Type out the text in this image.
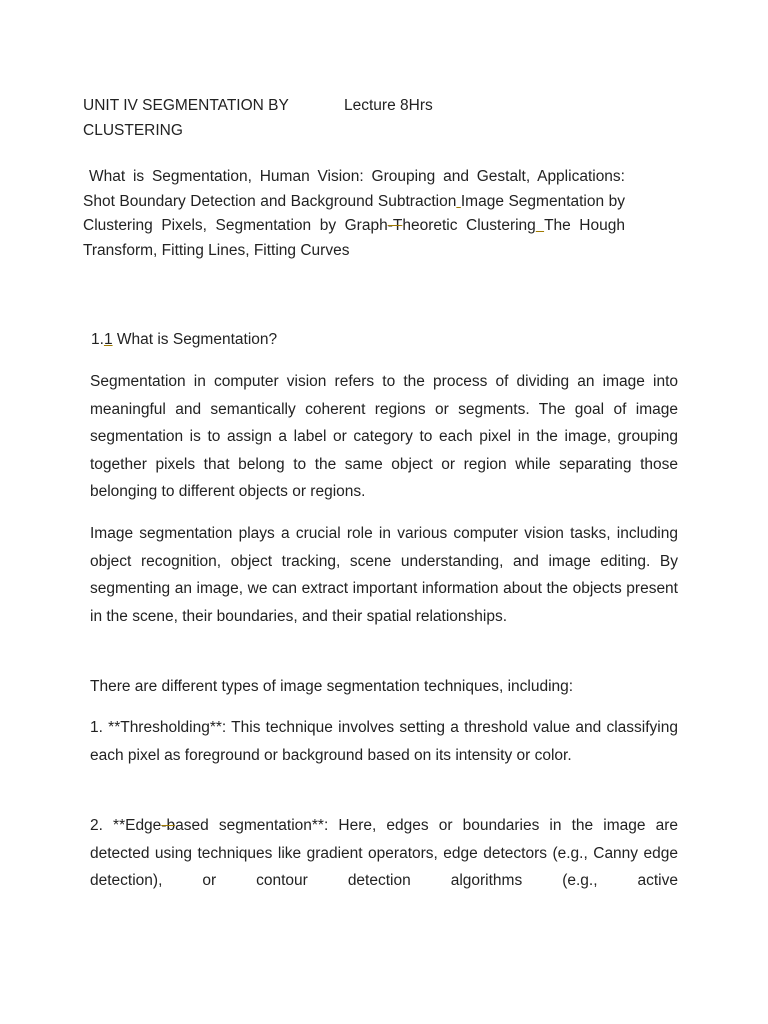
UNIT IV SEGMENTATION BY
CLUSTERING
Lecture 8Hrs
What is Segmentation, Human Vision: Grouping and Gestalt, Applications: Shot Boundary Detection and Background Subtraction Image Segmentation by Clustering Pixels, Segmentation by Graph-Theoretic Clustering The Hough Transform, Fitting Lines, Fitting Curves
1.1 What is Segmentation?

Segmentation in computer vision refers to the process of dividing an image into meaningful and semantically coherent regions or segments. The goal of image segmentation is to assign a label or category to each pixel in the image, grouping together pixels that belong to the same object or region while separating those belonging to different objects or regions.

Image segmentation plays a crucial role in various computer vision tasks, including object recognition, object tracking, scene understanding, and image editing. By segmenting an image, we can extract important information about the objects present in the scene, their boundaries, and their spatial relationships.

There are different types of image segmentation techniques, including:

1. **Thresholding**: This technique involves setting a threshold value and classifying each pixel as foreground or background based on its intensity or color.

2. **Edge-based segmentation**: Here, edges or boundaries in the image are detected using techniques like gradient operators, edge detectors (e.g., Canny edge detection), or contour detection algorithms (e.g., active
